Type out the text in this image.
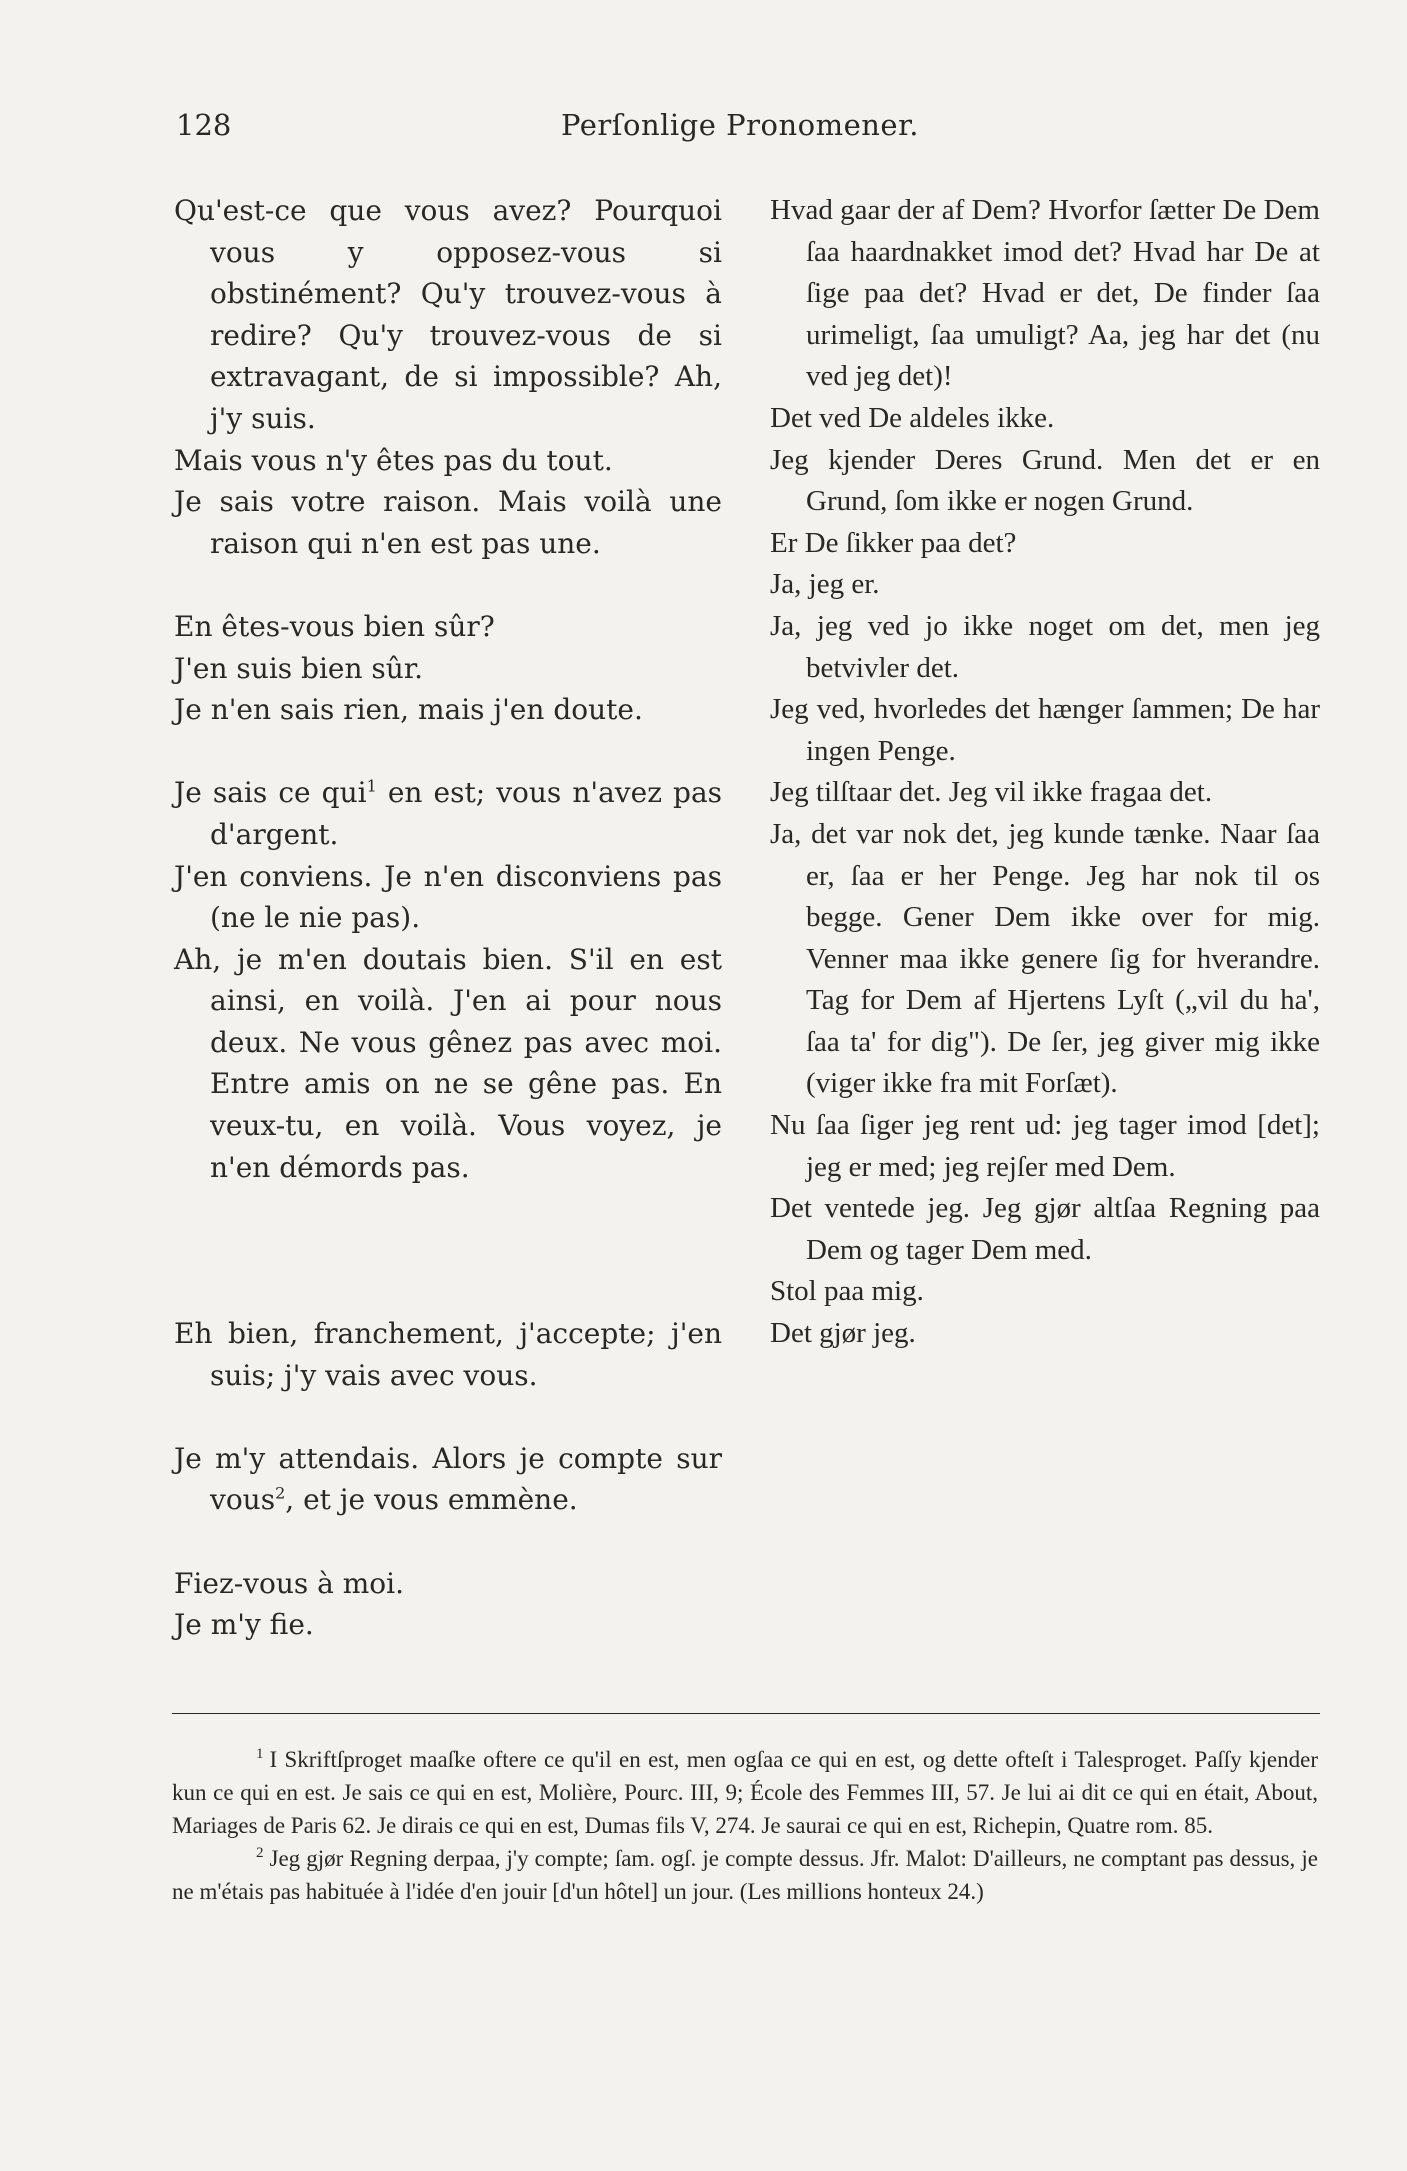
128	Perſonlige Pronomener.

Qu'est-ce que vous avez? Pourquoi vous y opposez-vous si obstinément? Qu'y trouvez-vous à redire? Qu'y trouvez-vous de si extravagant, de si impossible? Ah, j'y suis.

Mais vous n'y êtes pas du tout.

Je sais votre raison. Mais voilà une raison qui n'en est pas une.

En êtes-vous bien sûr?

J'en suis bien sûr.

Je n'en sais rien, mais j'en doute.

Je sais ce qui$^1$ en est; vous n'avez pas d'argent.

J'en conviens. Je n'en disconviens pas (ne le nie pas).

Ah, je m'en doutais bien. S'il en est ainsi, en voilà. J'en ai pour nous deux. Ne vous gênez pas avec moi. Entre amis on ne se gêne pas. En veux-tu, en voilà. Vous voyez, je n'en démords pas.

Eh bien, franchement, j'accepte; j'en suis; j'y vais avec vous.

Je m'y attendais. Alors je compte sur vous$^2$, et je vous emmène.

Fiez-vous à moi.

Je m'y fie.

Hvad gaar der af Dem? Hvorfor ſætter De Dem ſaa haardnakket imod det? Hvad har De at ſige paa det? Hvad er det, De finder ſaa urimeligt, ſaa umuligt? Aa, jeg har det (nu ved jeg det)!

Det ved De aldeles ikke.

Jeg kjender Deres Grund. Men det er en Grund, ſom ikke er nogen Grund.

Er De ſikker paa det?

Ja, jeg er.

Ja, jeg ved jo ikke noget om det, men jeg betvivler det.

Jeg ved, hvorledes det hænger ſammen; De har ingen Penge.

Jeg tilſtaar det. Jeg vil ikke fragaa det.

Ja, det var nok det, jeg kunde tænke. Naar ſaa er, ſaa er her Penge. Jeg har nok til os begge. Gener Dem ikke over for mig. Venner maa ikke genere ſig for hverandre. Tag for Dem af Hjertens Lyſt („vil du ha', ſaa ta' for dig"). De ſer, jeg giver mig ikke (viger ikke fra mit Forſæt).

Nu ſaa ſiger jeg rent ud: jeg tager imod [det]; jeg er med; jeg rejſer med Dem.

Det ventede jeg. Jeg gjør altſaa Regning paa Dem og tager Dem med.

Stol paa mig.

Det gjør jeg.

$^1$ I Skriftſproget maaſke oftere ce qu'il en est, men ogſaa ce qui en est, og dette ofteſt i Talesproget. Paſſy kjender kun ce qui en est. Je sais ce qui en est, Molière, Pourc. III, 9; École des Femmes III, 57. Je lui ai dit ce qui en était, About, Mariages de Paris 62. Je dirais ce qui en est, Dumas fils V, 274. Je saurai ce qui en est, Richepin, Quatre rom. 85.

$^2$ Jeg gjør Regning derpaa, j'y compte; ſam. ogſ. je compte dessus. Jfr. Malot: D'ailleurs, ne comptant pas dessus, je ne m'étais pas habituée à l'idée d'en jouir [d'un hôtel] un jour. (Les millions honteux 24.)
